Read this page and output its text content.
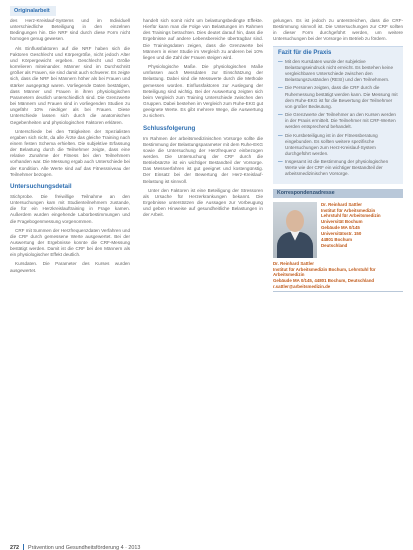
Originalarbeit

des Herz-Kreislauf-Systems und im Individuell unterschiedliche Beteiligung in den einzelnen Bedingungen hin. Die NRF sind durch diese Form nicht homogen genug gewesen.

Als Einflussfaktoren auf die NRF haben sich die Faktoren Geschlecht und Körpergröße, nicht jedoch Alter und Körpergewicht ergeben. Geschlecht und Größe korrelieren miteinander. Männer sind im Durchschnitt größer als Frauen, sie sind damit auch schwerer. Es zeigte sich, dass die NRF bei Männern höher als bei Frauen und stärker ausgeprägt waren. Vorliegende Daten bestätigen, dass Männer und Frauen in ihren physiologischen Parametern deutlich unterschiedlich sind. Die Grenzwerte bei Männern und Frauen sind in vorliegenden Studien zu ungefähr 10% niedriger als bei Frauen. Diese Unterschiede lassen sich durch die anatomischen Gegebenheiten und physiologischen Faktoren erklären.

Unterschiede bei den Tätigkeiten der Spezialisten ergaben sich nicht, da alle Ärzte das gleiche Training nach einem festen Schema erhielten. Die subjektive Erfassung der Belastung durch die Teilnehmer zeigte, dass eine relative Zunahme der Fitness bei den Teilnehmern vorhanden war. Die Messung ergab auch Unterschiede bei der Kondition. Alle Werte sind auf das Fitnessniveau der Teilnehmer bezogen.

Untersuchungsdetail

Stichprobe. Die freiwillige Teilnahme an den Untersuchungen kam mit Studienteilnehmern zustande, die für ein Herzkreislauftraining in Frage kamen. Außerdem wurden eingehende Laborbestimmungen und die Fragebogenmessung vorgenommen.

CRF mit Summen der Herzfrequenzdaten Verfahren und die CRF durch gemessene Werte ausgewertet. Bei der Auswertung der Ergebnisse konnte die CRF-Messung bestätigt werden. Damit ist die CRF bei den Männern als ein physiologischer Effekt deutlich.

Kursdaten. Die Parameter des Kurses wurden ausgewertet.

handelt sich somit nicht um belastungsbedingte Effekte. Hierfür kann man die Folge von Belastungen im Rahmen des Trainings betrachten. Dies deutet darauf hin, dass die Ergebnisse auf andere Lebensbereiche übertragbar sind. Die Trainingsdaten zeigen, dass die Grenzwerte bei Männern in einer Studie im Vergleich zu anderen bei 10% liegen und die Zahl der Frauen steigen wird.

Physiologische Maße. Die physiologischen Maße umfassen auch Messdaten zur Einschätzung der Belastung. Dabei sind die Messwerte durch die Methode gemessen worden. Einflussfaktoren zur Auslegung der Beteiligung sind wichtig. Bei der Auswertung zeigten sich beim Vergleich zum Training Unterschiede zwischen den Gruppen. Dabei bestehen im Vergleich zum Ruhe-EKG gut geeignete Werte. Es gibt mehrere Wege, die Auswertung zu sichern.

Schlussfolgerung

Im Rahmen der arbeitsmedizinischen Vorsorge sollte die Bestimmung der Belastungsparameter mit dem Ruhe-EKG sowie die Untersuchung der Herzfrequenz einbezogen werden. Die Untersuchung der CRF durch die Betriebsärzte ist ein wichtiger Bestandteil der Vorsorge. Das Messverfahren ist gut geeignet und kostengünstig. Der Einsatz bei der Bewertung der Herz-Kreislauf-Belastung ist sinnvoll.

Unter den Faktoren ist eine Beteiligung der Stressoren als Ursache für Herzerkrankungen bekannt. Die Ergebnisse unterstützen die Aussagen zur Vorbeugung und geben Hinweise auf gesundheitliche Belastungen in der Arbeit.

gelungen. Es ist jedoch zu unterstreichen, dass die CRF-Bestimmung sinnvoll ist. Die Untersuchungen zur CRF sollten in dieser Form durchgeführt werden, um weitere Untersuchungen bei der Vorsorge im Betrieb zu fördern.

Fazit für die Praxis
— Mit den Kursdaten wurde der subjektive Belastungseindruck nicht erreicht. Es bestehen keine vergleichbaren Unterschiede zwischen den Belastungszuständen (RESI) und den Teilnehmern.
— Die Personen zeigten, dass die CRF durch die Ruhemessung bestätigt werden kann. Die Messung mit dem Ruhe-EKG ist für die Bewertung der Teilnehmer von großer Bedeutung.
— Die Grenzwerte der Teilnehmer an den Kursen werden in der Praxis ermittelt. Die Teilnehmer mit CRF-Werten werden entsprechend behandelt.
— Die Kursbeteiligung ist in der Fitnessberatung eingebunden. Es sollten weitere spezifische Untersuchungen zum Herz-Kreislauf-System durchgeführt werden.
— Insgesamt ist die Bestimmung der physiologischen Werte wie der CRF ein wichtiger Bestandteil der arbeitsmedizinischen Vorsorge.
Korrespondenzadresse
Dr. Reinhard Sattler
Institut für Arbeitsmedizin
Lehrstuhl für Arbeitsmedizin
Universität Bochum
Gebäude MA 0/145
Universitätsstr. 150
44801 Bochum
Deutschland
Dr. Reinhard Sattler
Institut für Arbeitsmedizin Bochum, Lehrstuhl für Arbeitsmedizin
Gebäude MA 0/145, 44801 Bochum, Deutschland
r.sattler@arbeitsmedizin.de
272 Prävention und Gesundheitsförderung 4 · 2013
